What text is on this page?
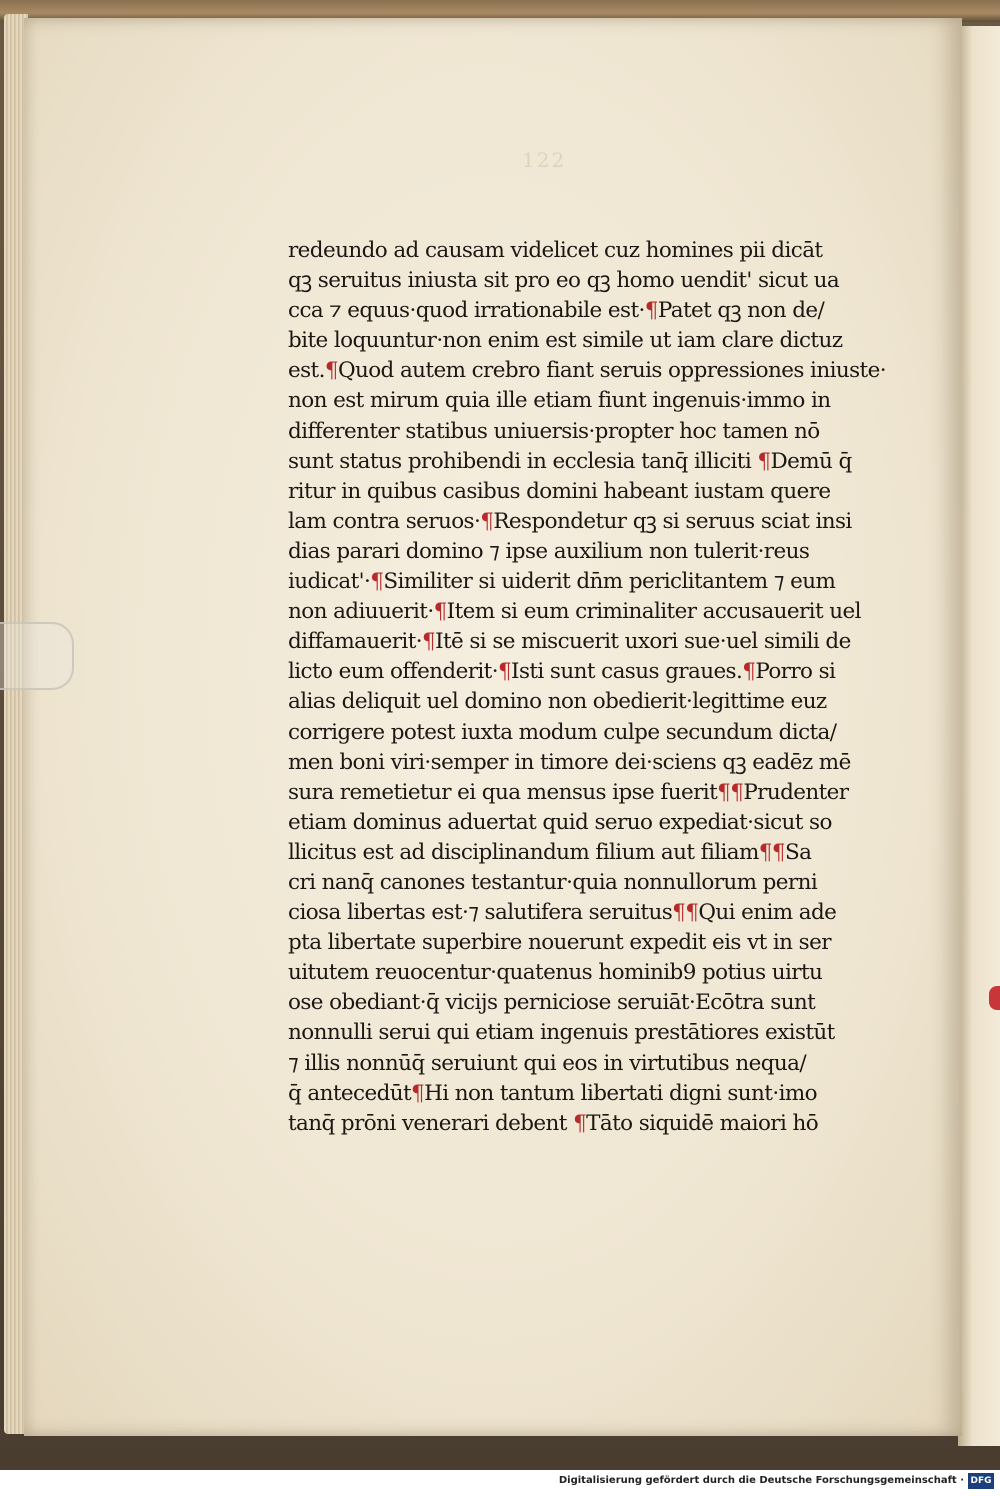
122
redeundo ad causam videlicet cuz homines pii dicāt
qꝫ seruitus iniusta sit pro eo qꝫ homo uendit' sicut ua
cca ⁊ equus·quod irrationabile est·¶Patet qꝫ non de/
bite loquuntur·non enim est simile ut iam clare dictuz
est.¶Quod autem crebro fiant seruis oppressiones iniuste·
non est mirum quia ille etiam fiunt ingenuis·immo in
differenter statibus uniuersis·propter hoc tamen nō
sunt status prohibendi in ecclesia tanq̄ illiciti ¶Demū q̄
ritur in quibus casibus domini habeant iustam quere
lam contra seruos·¶Respondetur qꝫ si seruus sciat insi
dias parari domino ⁊ ipse auxilium non tulerit·reus
iudicat'·¶Similiter si uiderit dn̄m periclitantem ⁊ eum
non adiuuerit·¶Item si eum criminaliter accusauerit uel
diffamauerit·¶Itē si se miscuerit uxori sue·uel simili de
licto eum offenderit·¶Isti sunt casus graues.¶Porro si
alias deliquit uel domino non obedierit·legittime euz
corrigere potest iuxta modum culpe secundum dicta/
men boni viri·semper in timore dei·sciens qꝫ eadēz mē
sura remetietur ei qua mensus ipse fuerit¶¶Prudenter
etiam dominus aduertat quid seruo expediat·sicut so
llicitus est ad disciplinandum filium aut filiam¶¶Sa
cri nanq̄ canones testantur·quia nonnullorum perni
ciosa libertas est·⁊ salutifera seruitus¶¶Qui enim ade
pta libertate superbire nouerunt expedit eis vt in ser
uitutem reuocentur·quatenus hominib9 potius uirtu
ose obediant·q̄ vicijs perniciose seruiāt·Ecōtra sunt
nonnulli serui qui etiam ingenuis prestātiores existūt
⁊ illis nonnūq̄ seruiunt qui eos in virtutibus nequa/
q̄ antecedūt¶Hi non tantum libertati digni sunt·imo
tanq̄ prōni venerari debent ¶Tāto siquidē maiori hō
Digitalisierung gefördert durch die Deutsche Forschungsgemeinschaft · DFG
